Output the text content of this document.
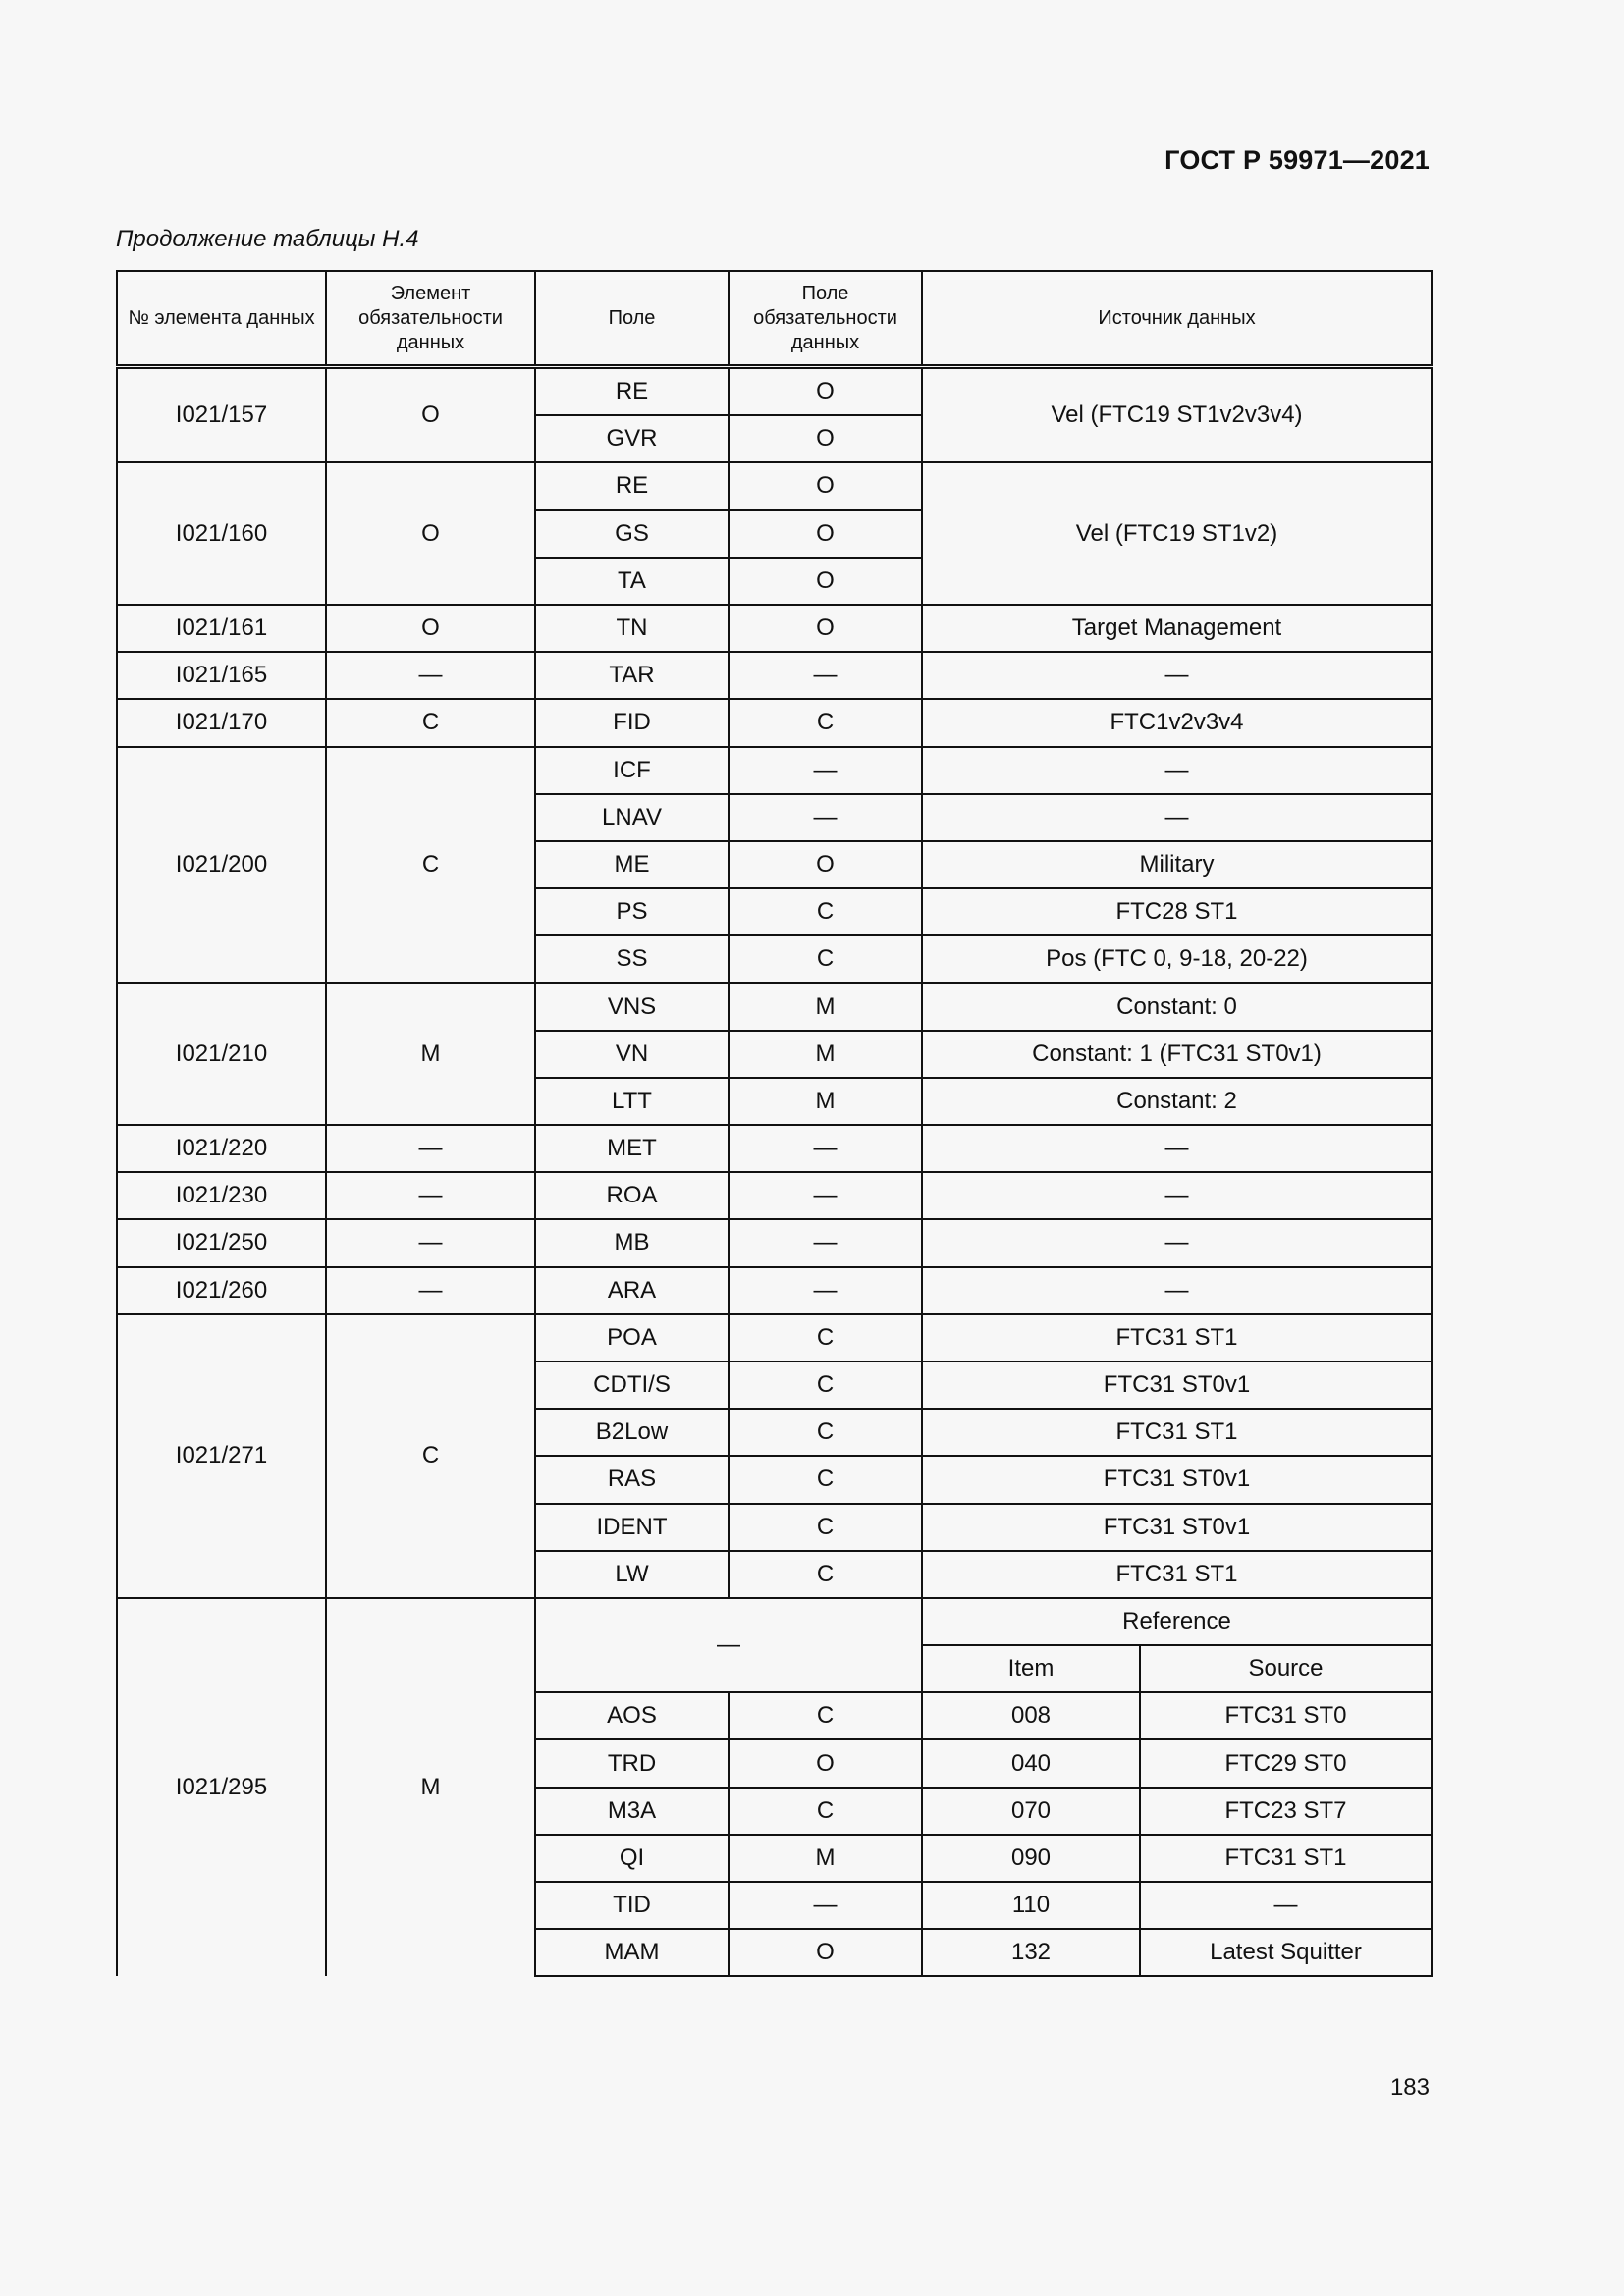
ГОСТ Р 59971—2021
Продолжение таблицы Н.4
№ элемента данных	Элемент обязательности данных	Поле	Поле обязательности данных	Источник данных	
I021/157	O	RE	O	Vel (FTC19 ST1v2v3v4)	
		GVR	O		
I021/160	O	RE	O	Vel (FTC19 ST1v2)	
		GS	O		
		TA	O		
I021/161	O	TN	O	Target Management	
I021/165	—	TAR	—	—	
I021/170	C	FID	C	FTC1v2v3v4	
I021/200	C	ICF	—	—	
		LNAV	—	—	
		ME	O	Military	
		PS	C	FTC28 ST1	
		SS	C	Pos (FTC 0, 9-18, 20-22)	
I021/210	M	VNS	M	Constant: 0	
		VN	M	Constant: 1 (FTC31 ST0v1)	
		LTT	M	Constant: 2	
I021/220	—	MET	—	—	
I021/230	—	ROA	—	—	
I021/250	—	MB	—	—	
I021/260	—	ARA	—	—	
I021/271	C	POA	C	FTC31 ST1	
		CDTI/S	C	FTC31 ST0v1	
		B2Low	C	FTC31 ST1	
		RAS	C	FTC31 ST0v1	
		IDENT	C	FTC31 ST0v1	
		LW	C	FTC31 ST1	
I021/295	M	—		Reference	
				Item	Source
		AOS	C	008	FTC31 ST0
		TRD	O	040	FTC29 ST0
		M3A	C	070	FTC23 ST7
		QI	M	090	FTC31 ST1
		TID	—	110	—
		MAM	O	132	Latest Squitter
183
